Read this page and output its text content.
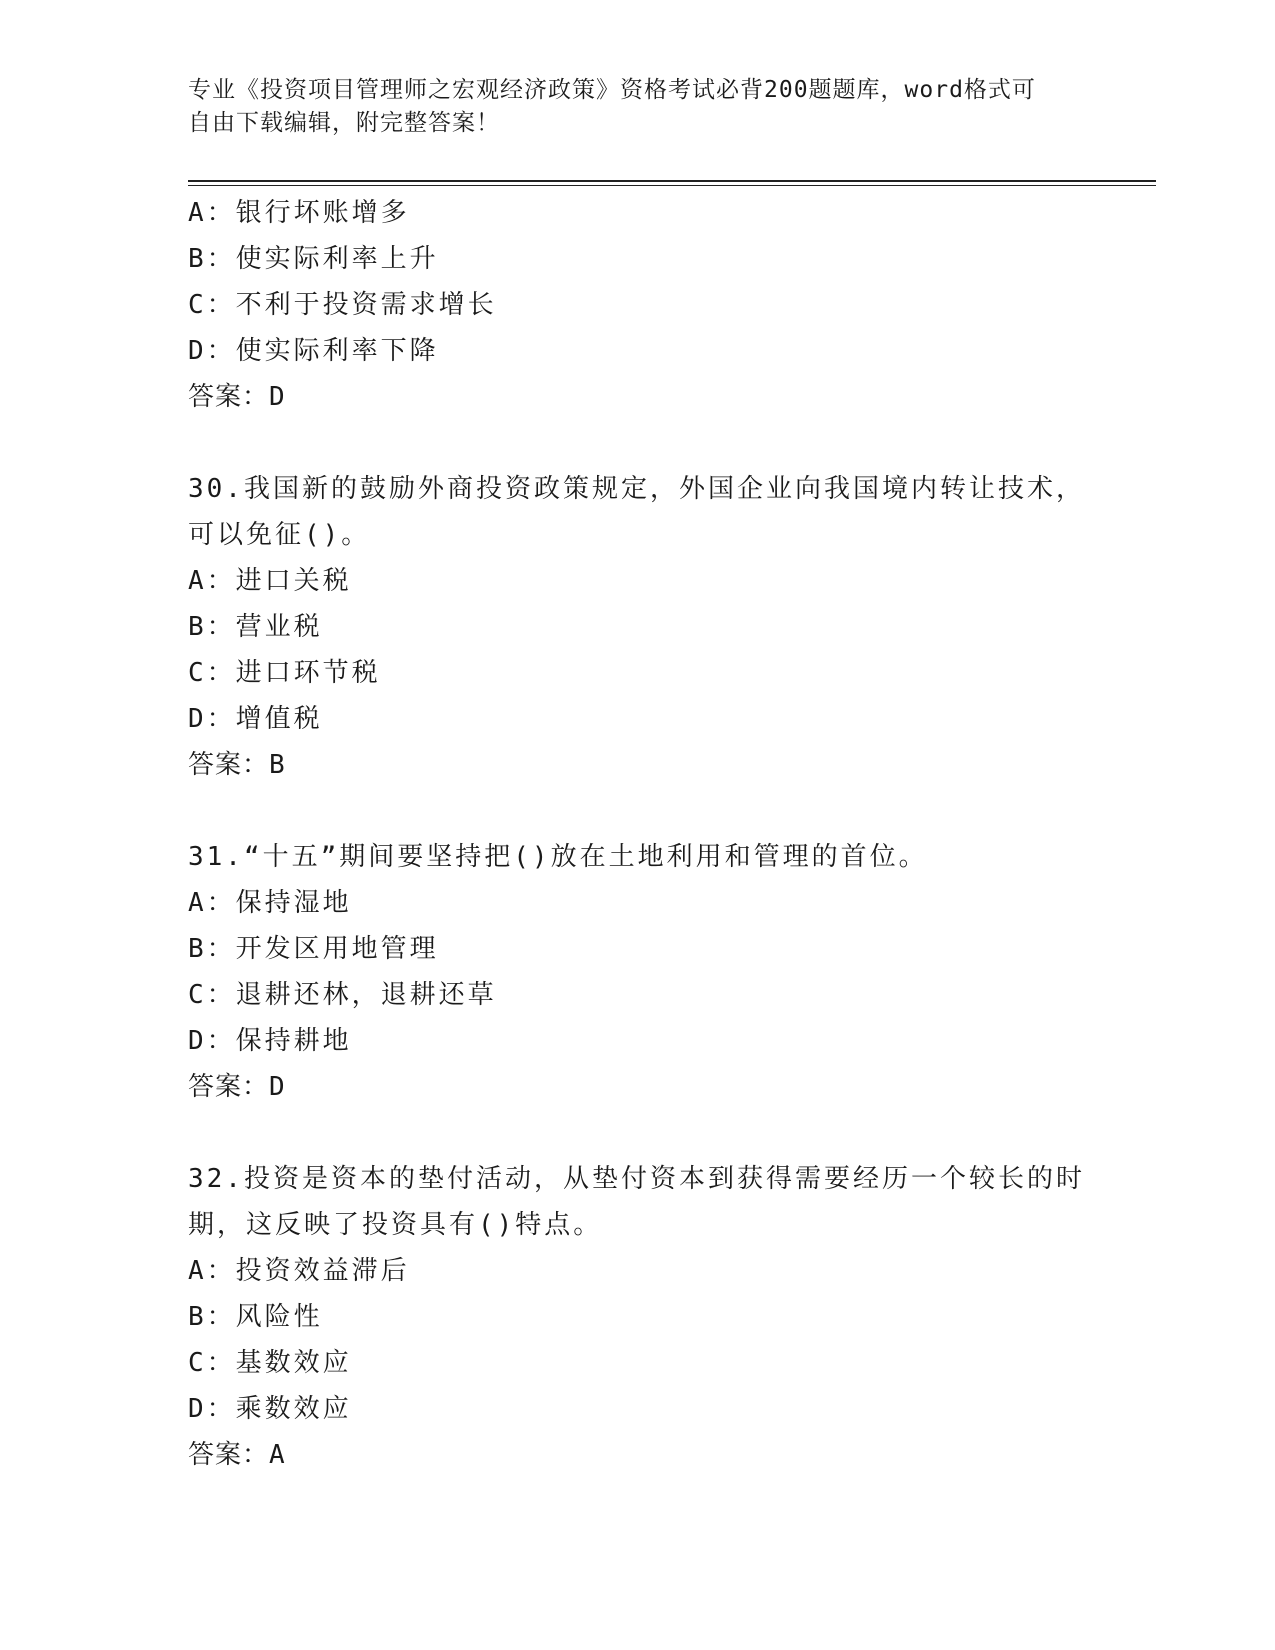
专业《投资项目管理师之宏观经济政策》资格考试必背200题题库，word格式可
自由下载编辑，附完整答案！
A：银行坏账增多
B：使实际利率上升
C：不利于投资需求增长
D：使实际利率下降
答案：D
30.我国新的鼓励外商投资政策规定，外国企业向我国境内转让技术，
可以免征()。
A：进口关税
B：营业税
C：进口环节税
D：增值税
答案：B
31.“十五”期间要坚持把()放在土地利用和管理的首位。
A：保持湿地
B：开发区用地管理
C：退耕还林，退耕还草
D：保持耕地
答案：D
32.投资是资本的垫付活动，从垫付资本到获得需要经历一个较长的时
期，这反映了投资具有()特点。
A：投资效益滞后
B：风险性
C：基数效应
D：乘数效应
答案：A
